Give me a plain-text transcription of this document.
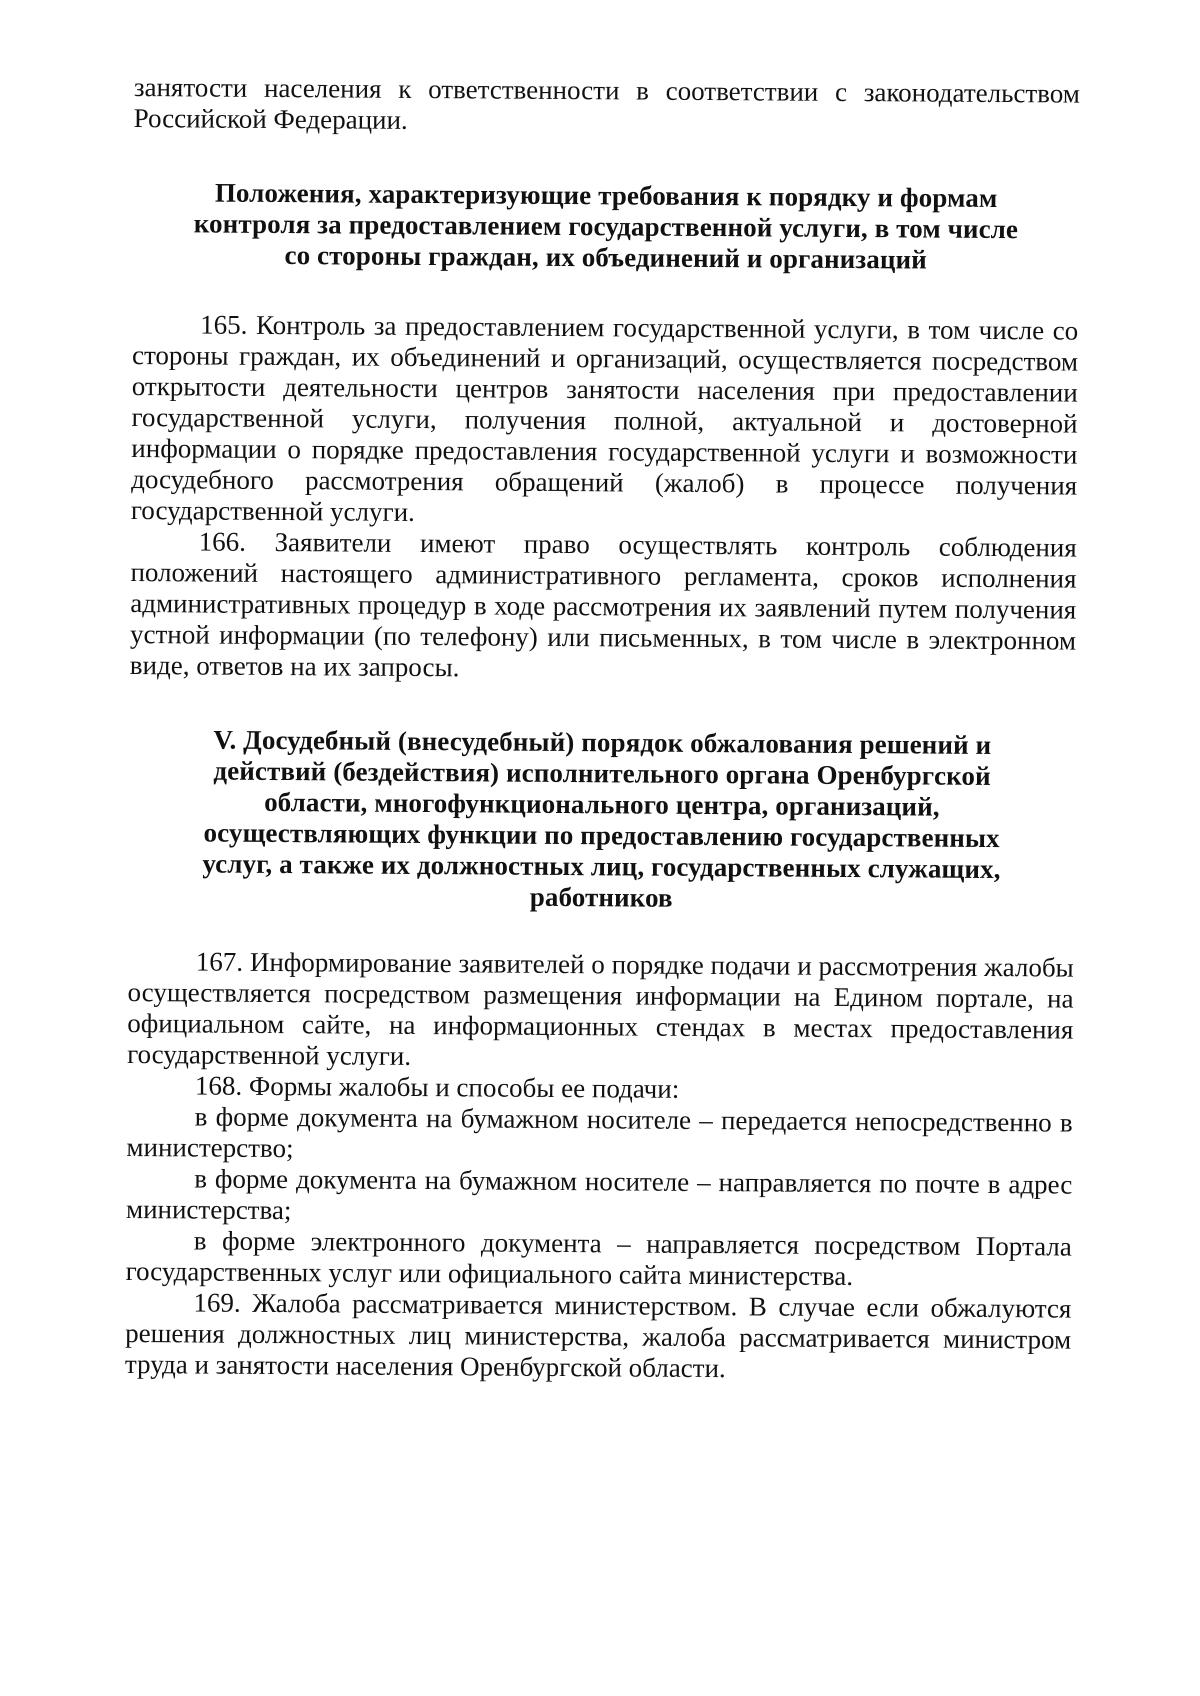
занятости населения к ответственности в соответствии с законодательством Российской Федерации.

Положения, характеризующие требования к порядку и формам контроля за предоставлением государственной услуги, в том числе со стороны граждан, их объединений и организаций

165. Контроль за предоставлением государственной услуги, в том числе со стороны граждан, их объединений и организаций, осуществляется посредством открытости деятельности центров занятости населения при предоставлении государственной услуги, получения полной, актуальной и достоверной информации о порядке предоставления государственной услуги и возможности досудебного рассмотрения обращений (жалоб) в процессе получения государственной услуги.

166. Заявители имеют право осуществлять контроль соблюдения положений настоящего административного регламента, сроков исполнения административных процедур в ходе рассмотрения их заявлений путем получения устной информации (по телефону) или письменных, в том числе в электронном виде, ответов на их запросы.

V. Досудебный (внесудебный) порядок обжалования решений и действий (бездействия) исполнительного органа Оренбургской области, многофункционального центра, организаций, осуществляющих функции по предоставлению государственных услуг, а также их должностных лиц, государственных служащих, работников

167. Информирование заявителей о порядке подачи и рассмотрения жалобы осуществляется посредством размещения информации на Едином портале, на официальном сайте, на информационных стендах в местах предоставления государственной услуги.

168. Формы жалобы и способы ее подачи:

в форме документа на бумажном носителе – передается непосредственно в министерство;

в форме документа на бумажном носителе – направляется по почте в адрес министерства;

в форме электронного документа – направляется посредством Портала государственных услуг или официального сайта министерства.

169. Жалоба рассматривается министерством. В случае если обжалуются решения должностных лиц министерства, жалоба рассматривается министром труда и занятости населения Оренбургской области.
